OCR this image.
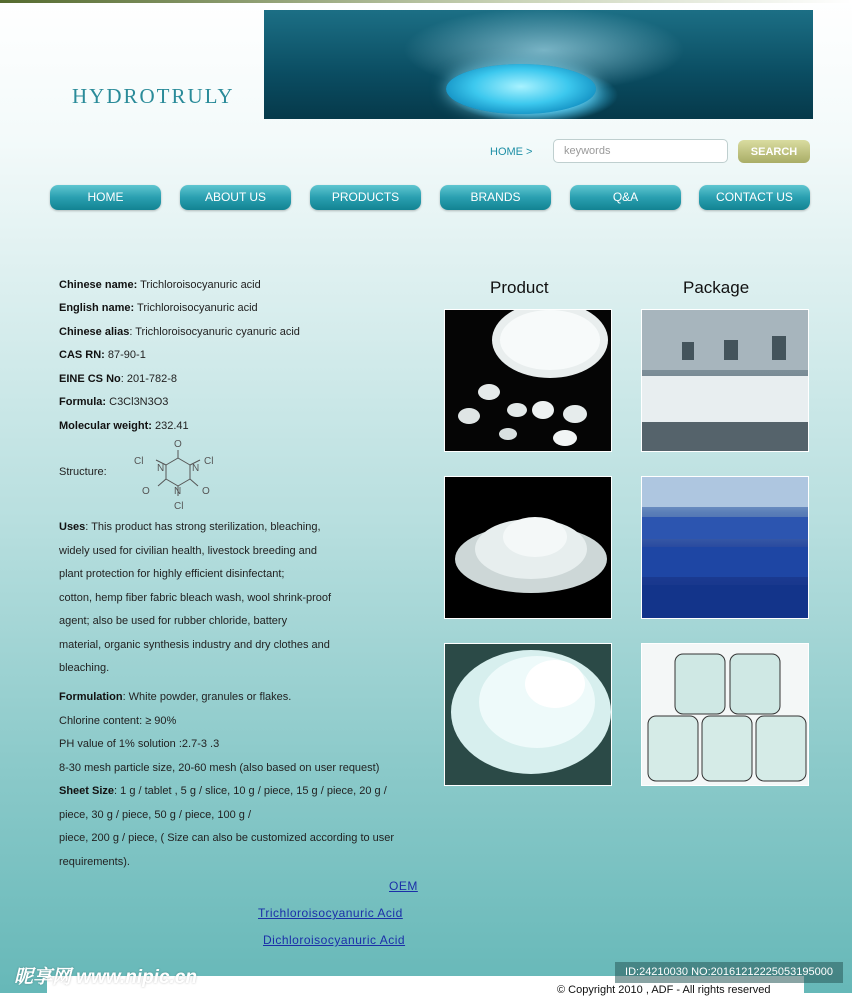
HYDROTRULY
HOME >
keywords	SEARCH
HOME	ABOUT US	PRODUCTS	BRANDS	Q&A	CONTACT US
Chinese name: Trichloroisocyanuric acid
English name: Trichloroisocyanuric acid
Chinese alias: Trichloroisocyanuric cyanuric acid
CAS RN: 87-90-1
EINE CS No: 201-782-8
Formula: C3Cl3N3O3
Molecular weight: 232.41
Structure:
O
Cl
N	N
Cl
O N O
Cl
Uses: This product has strong sterilization, bleaching,
widely used for civilian health, livestock breeding and
plant protection for highly efficient disinfectant;
cotton, hemp fiber fabric bleach wash, wool shrink-proof
agent; also be used for rubber chloride, battery
material, organic synthesis industry and dry clothes and
bleaching.
Formulation: White powder, granules or flakes.
Chlorine content: ≥ 90%
PH value of 1% solution :2.7-3 .3
8-30 mesh particle size, 20-60 mesh (also based on user request)
Sheet Size: 1 g / tablet , 5 g / slice, 10 g / piece, 15 g / piece, 20 g /
piece, 30 g / piece, 50 g / piece, 100 g /
piece, 200 g / piece, ( Size can also be customized according to user
requirements).
OEM
Trichloroisocyanuric Acid
Dichloroisocyanuric Acid
Product	Package
© Copyright 2010 , ADF - All rights reserved
昵享网 www.nipic.cn	ID:24210030 NO:20161212225053195000
